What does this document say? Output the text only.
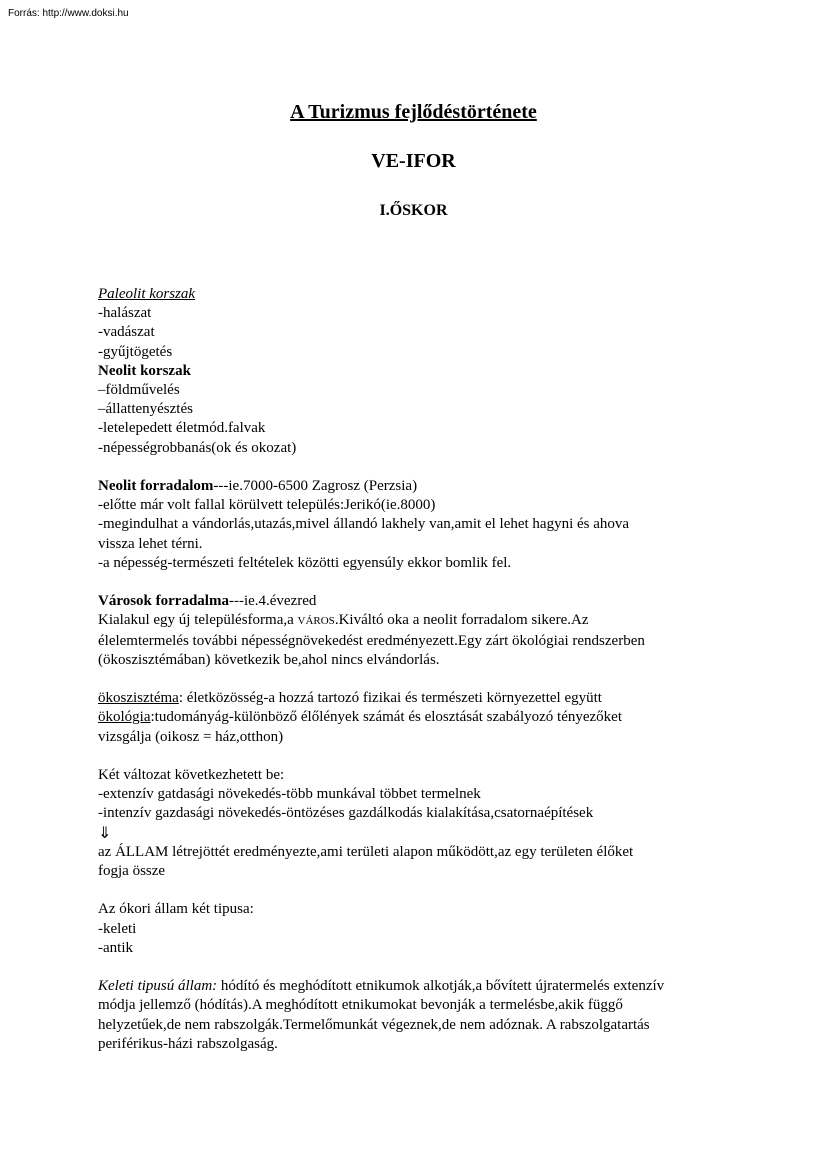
Forrás: http://www.doksi.hu
A Turizmus fejlődéstörténete
VE-IFOR
I.ŐSKOR
Paleolit korszak
-halászat
-vadászat
-gyűjtögetés
Neolit korszak
–földművelés
–állattenyésztés
-letelepedett életmód.falvak
-népességrobbanás(ok és okozat)
Neolit forradalom---ie.7000-6500 Zagrosz (Perzsia)
-előtte már volt fallal körülvett település:Jerikó(ie.8000)
-megindulhat a vándorlás,utazás,mivel állandó lakhely van,amit el lehet hagyni és ahova
vissza lehet térni.
-a népesség-természeti feltételek közötti egyensúly ekkor bomlik fel.
Városok forradalma---ie.4.évezred
Kialakul egy új településforma,a VÁROS.Kiváltó oka a neolit forradalom sikere.Az
élelemtermelés további népességnövekedést eredményezett.Egy zárt ökológiai rendszerben
(ökoszisztémában) következik be,ahol nincs elvándorlás.
ökoszisztéma: életközösség-a hozzá tartozó fizikai és természeti környezettel együtt
ökológia:tudományág-különböző élőlények számát és elosztását szabályozó tényezőket
vizsgálja (oikosz = ház,otthon)
Két változat következhetett be:
-extenzív gatdasági növekedés-több munkával többet termelnek
-intenzív gazdasági növekedés-öntözéses gazdálkodás kialakítása,csatornaépítések
⇓
az ÁLLAM létrejöttét eredményezte,ami területi alapon működött,az egy területen élőket
fogja össze
Az ókori állam két tipusa:
-keleti
-antik
Keleti tipusú állam: hódító és meghódított etnikumok alkotják,a bővített újratermelés extenzív
módja jellemző (hódítás).A meghódított etnikumokat bevonják a termelésbe,akik függő
helyzetűek,de nem rabszolgák.Termelőmunkát végeznek,de nem adóznak. A rabszolgatartás
periférikus-házi rabszolgaság.
